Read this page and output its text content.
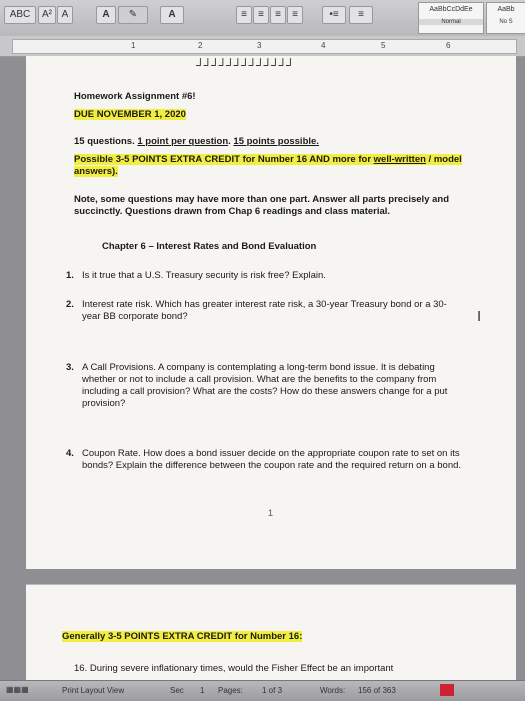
ABC	A² A	A	✎	A	≡	≡	≡	≡	•≡	≡	AaBbCcDdEe
Normal
AaBb
No S
1	2	3	4	5	6
┘┘┘┘┘┘┘┘┘┘┘┘┘
Homework Assignment #6!
DUE NOVEMBER 1, 2020
15 questions. 1 point per question. 15 points possible.
Possible 3-5 POINTS EXTRA CREDIT for Number 16 AND more for well-written / model answers).
Note, some questions may have more than one part. Answer all parts precisely and succinctly. Questions drawn from Chap 6 readings and class material.
Chapter 6 – Interest Rates and Bond Evaluation
1. Is it true that a U.S. Treasury security is risk free? Explain.
2. Interest rate risk. Which has greater interest rate risk, a 30-year Treasury bond or a 30-year BB corporate bond?
3. A Call Provisions. A company is contemplating a long-term bond issue. It is debating whether or not to include a call provision. What are the benefits to the company from including a call provision? What are the costs? How do these answers change for a put provision?
4. Coupon Rate. How does a bond issuer decide on the appropriate coupon rate to set on its bonds? Explain the difference between the coupon rate and the required return on a bond.
1
Ⅰ
Generally 3-5 POINTS EXTRA CREDIT for Number 16:
16. During severe inflationary times, would the Fisher Effect be an important
▦▦▦	Print Layout View	Sec 1 Pages: 1 of 3	Words: 156 of 363
